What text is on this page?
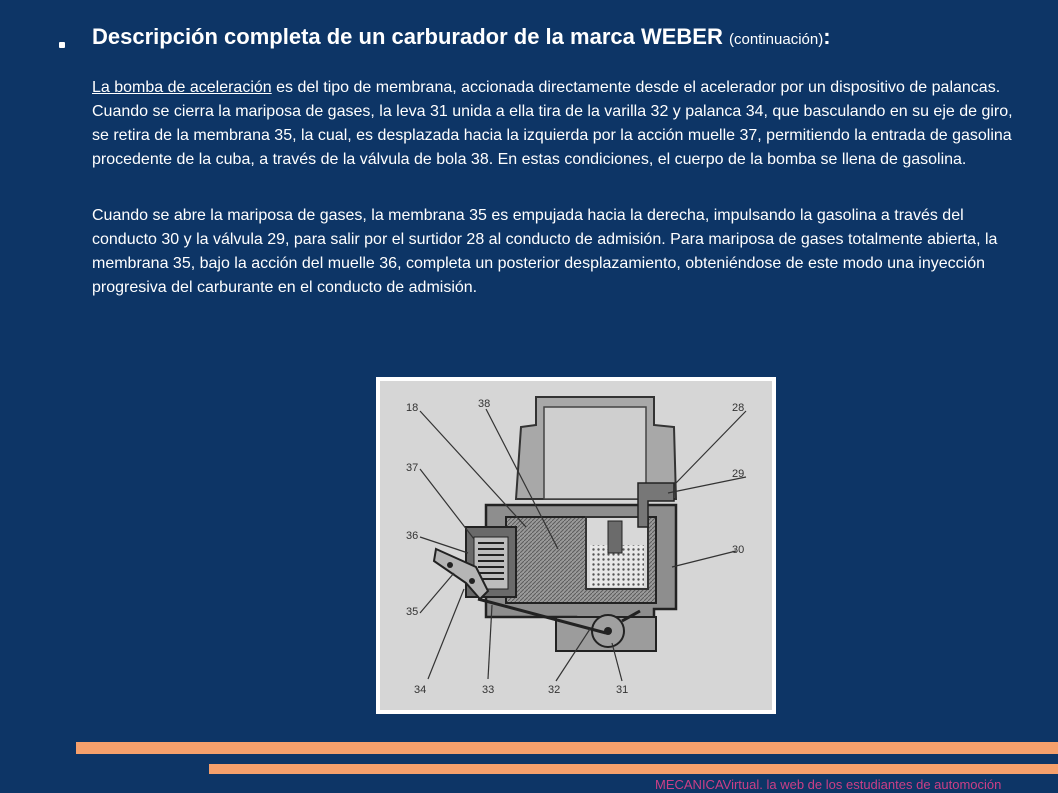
Descripción completa de un carburador de la marca WEBER (continuación):
La bomba de aceleración es del tipo de membrana, accionada directamente desde el acelerador por un dispositivo de palancas. Cuando se cierra la mariposa de gases, la leva 31 unida a ella tira de la varilla 32 y palanca 34, que basculando en su eje de giro, se retira de la membrana 35, la cual, es desplazada hacia la izquierda por la acción muelle 37, permitiendo la entrada de gasolina procedente de la cuba, a través de la válvula de bola 38. En estas condiciones, el cuerpo de la bomba se llena de gasolina.
Cuando se abre la mariposa de gases, la membrana 35 es empujada hacia la derecha, impulsando la gasolina a través del conducto 30 y la válvula 29, para salir por el surtidor 28 al conducto de admisión. Para mariposa de gases totalmente abierta, la membrana 35, bajo la acción del muelle 36, completa un posterior desplazamiento, obteniéndose de este modo una inyección progresiva del carburante en el conducto de admisión.
18	38	28
37	29
36
30
35
34	33	32	31
MECANICAVirtual. la web de los estudiantes de automoción
